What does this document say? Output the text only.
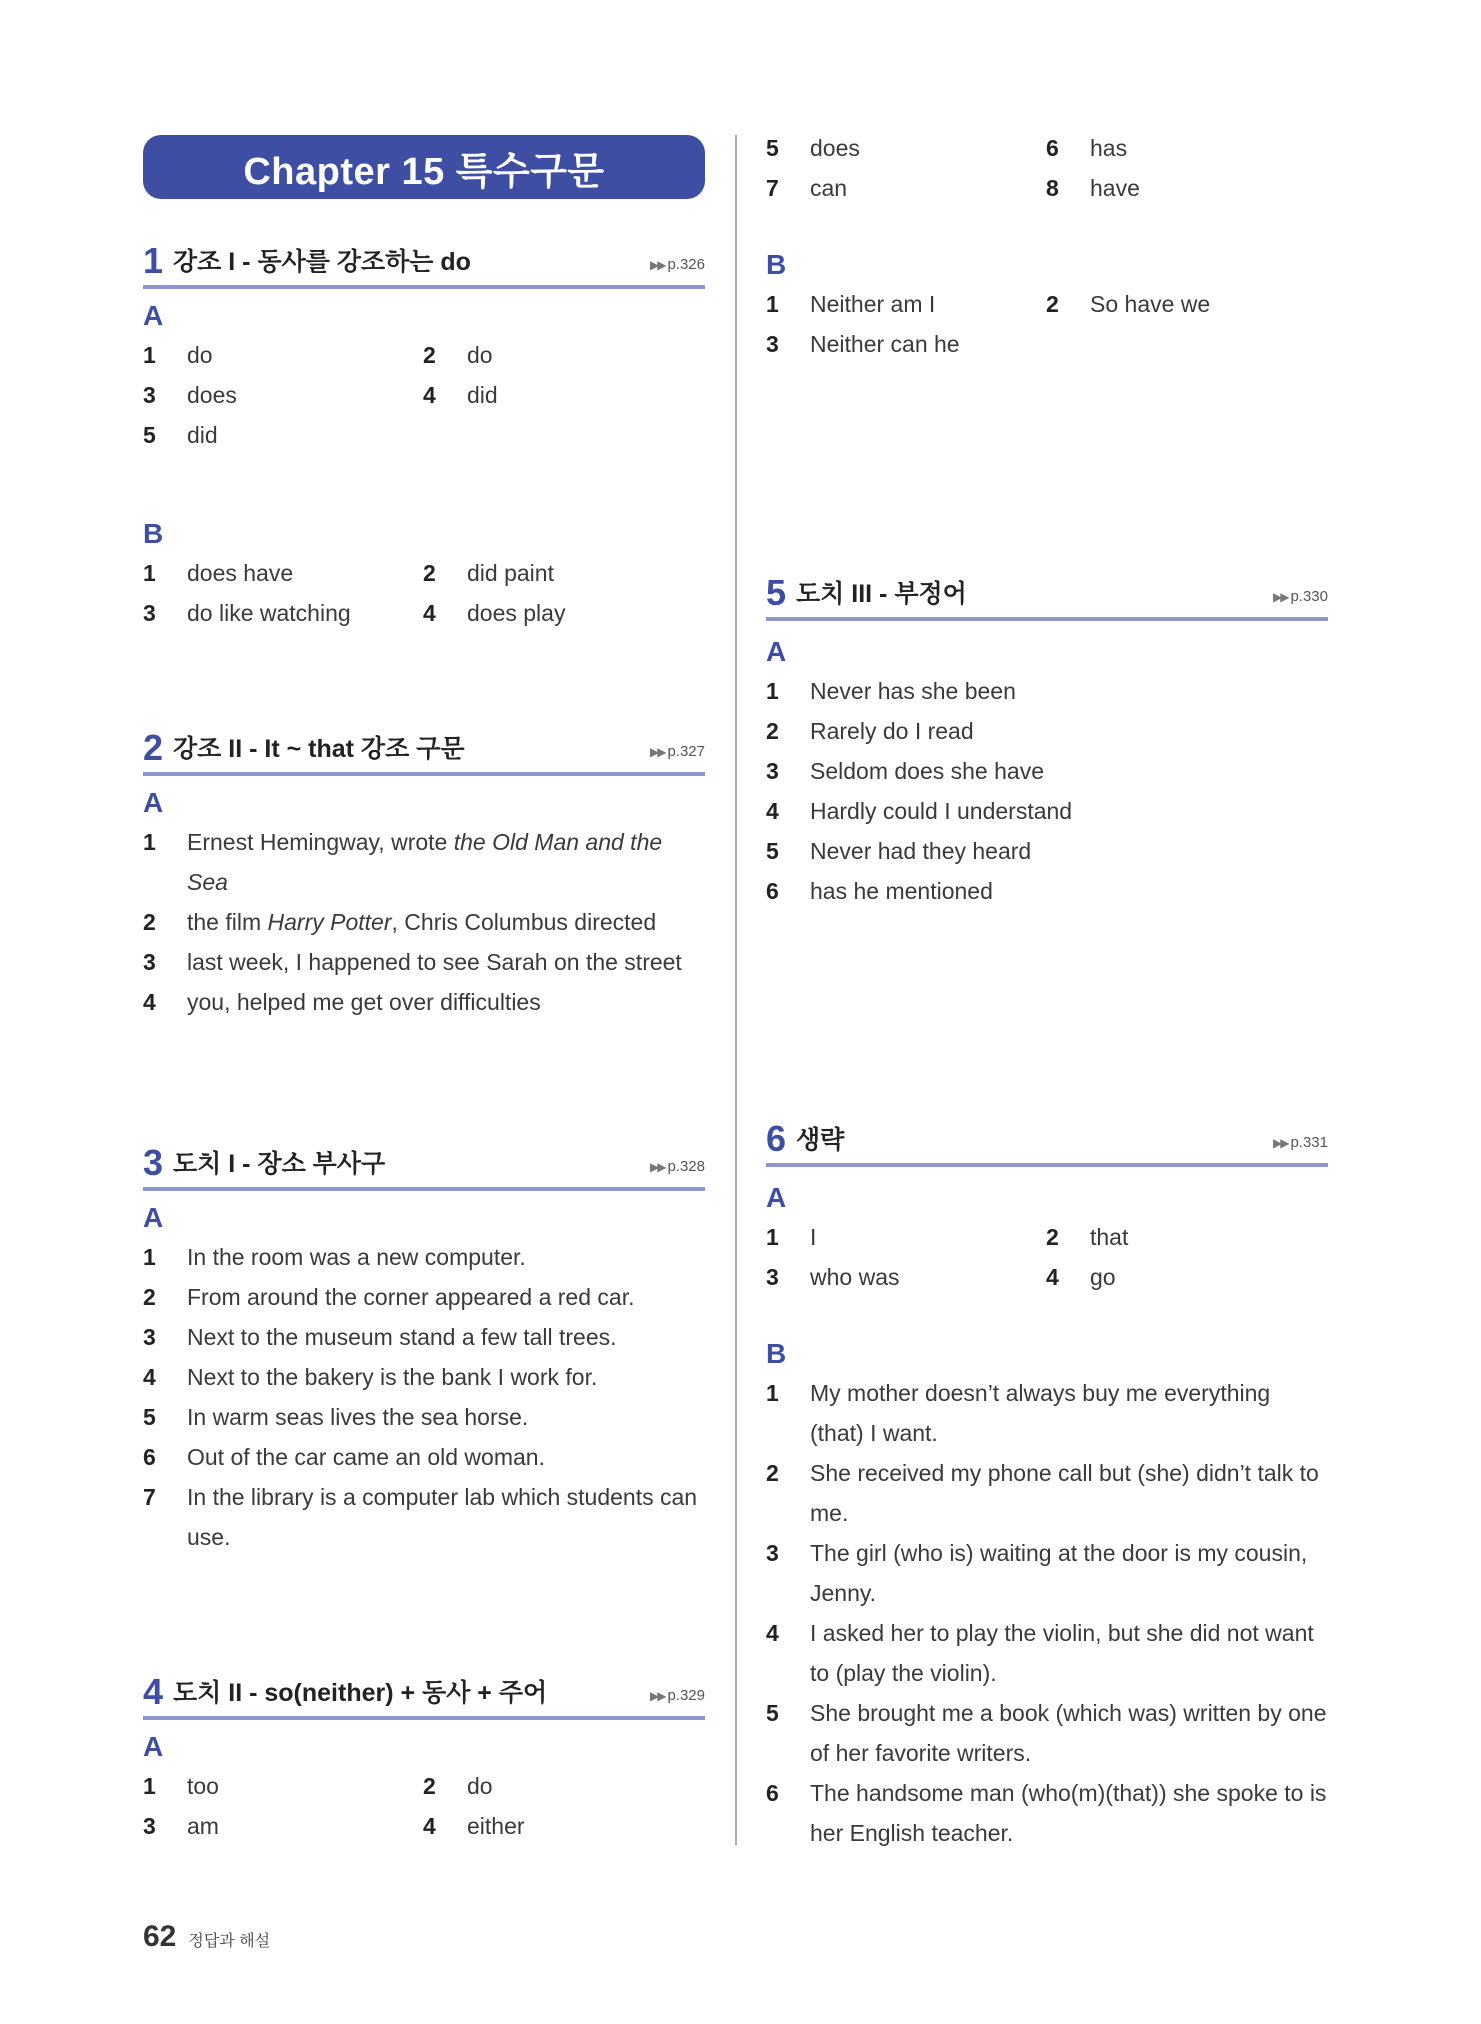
Chapter 15 특수구문
1 강조 I - 동사를 강조하는 do	▶▶ p.326
A
1 do	2 do
3 does	4 did
5 did
B
1 does have	2 did paint
3 do like watching	4 does play
2 강조 II - It ~ that 강조 구문	▶▶ p.327
A
1	Ernest Hemingway, wrote the Old Man and the
Sea
2	the film Harry Potter, Chris Columbus directed
3	last week, I happened to see Sarah on the street
4	you, helped me get over difficulties
3 도치 I - 장소 부사구	▶▶ p.328
A
1	In the room was a new computer.
2	From around the corner appeared a red car.
3	Next to the museum stand a few tall trees.
4	Next to the bakery is the bank I work for.
5	In warm seas lives the sea horse.
6	Out of the car came an old woman.
7	In the library is a computer lab which students can use.
4 도치 II - so(neither) + 동사 + 주어	▶▶ p.329
A
1 too	2 do
3 am	4 either
5 does	6 has
7 can	8 have
B
1 Neither am I	2 So have we
3 Neither can he
5 도치 III - 부정어	▶▶ p.330
A
1	Never has she been
2	Rarely do I read
3	Seldom does she have
4	Hardly could I understand
5	Never had they heard
6	has he mentioned
6 생략	▶▶ p.331
A
1 I	2 that
3 who was	4 go
B
1	My mother doesn’t always buy me everything (that) I want.
2	She received my phone call but (she) didn’t talk to me.
3	The girl (who is) waiting at the door is my cousin, Jenny.
4	I asked her to play the violin, but she did not want to (play the violin).
5	She brought me a book (which was) written by one of her favorite writers.
6	The handsome man (who(m)(that)) she spoke to is her English teacher.
62 정답과 해설
